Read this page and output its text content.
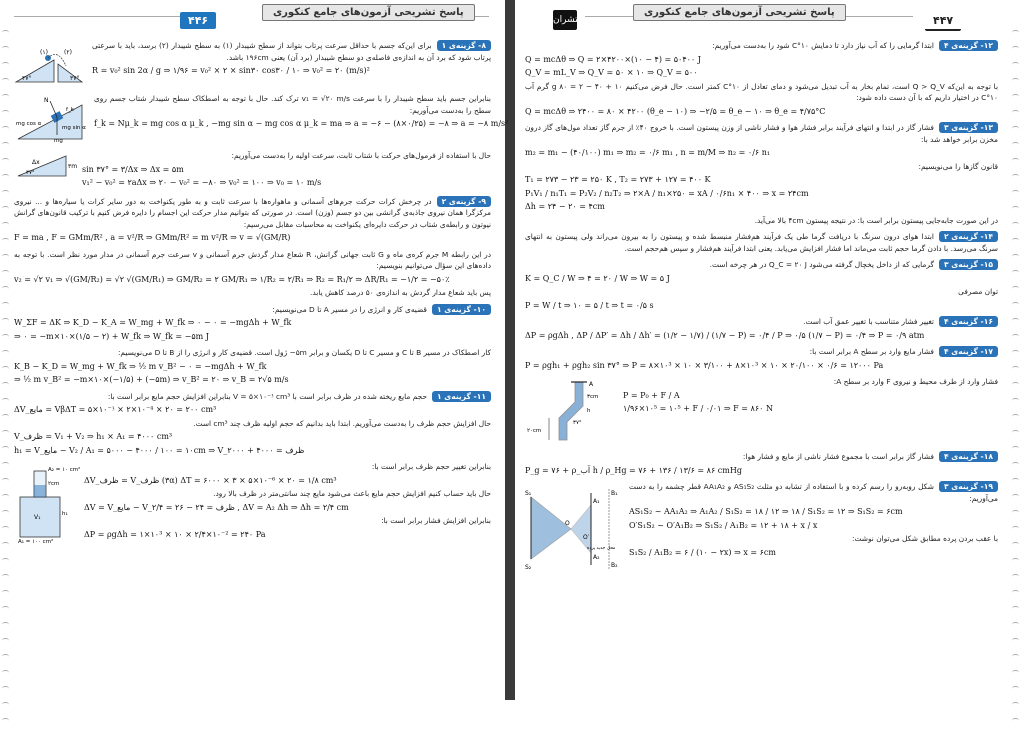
۴۴۶
پاسخ تشریحی آزمون‌های جامع کنکوری
۳۷°	۳۷°
(۱)	(۲)
۸- گزینه‌ی ۱برای این‌که جسم با حداقل سرعت پرتاب بتواند از سطح شیبدار (۱) به سطح شیبدار (۲) برسد، باید با سرعتی پرتاب شود که برد آن به اندازه‌ی فاصله‌ی دو سطح شیبدار (برد آن) یعنی ۱۹۶cm باشد.
R = v₀² sin 2α / g ⇒ ۱/۹۶ = v₀² × ۲ × sin۳۰ cos۳۰ / ۱۰ ⇒ v₀² = ۲۰ (m/s)²
N
f_k
mg cos α
mg sin α
mg
بنابراین جسم باید سطح شیبدار را با سرعت v₁ = √۲۰ m/s ترک کند. حال با توجه به اصطکاک سطح شیبدار شتاب جسم روی سطح را به‌دست می‌آوریم:
f_k = Nμ_k = mg cos α μ_k , −mg sin α − mg cos α μ_k = ma ⇒ a = −۶ − (۸×۰/۲۵) = −۸ ⇒ a = −۸ m/s²
Δx
۳m
۳۷°
حال با استفاده از فرمول‌های حرکت با شتاب ثابت، سرعت اولیه را به‌دست می‌آوریم:
sin ۳۷° = ۳/Δx ⇒ Δx = ۵m
v₁² − v₀² = ۲aΔx ⇒ ۲۰ − v₀² = −۸۰ ⇒ v₀² = ۱۰۰ ⇒ v₀ = ۱۰ m/s
۹- گزینه‌ی ۲در چرخش کرات حرکت جرم‌های آسمانی و ماهواره‌ها با سرعت ثابت و به طور یکنواخت به دور سایر کرات یا سیاره‌ها و ... نیروی مرکزگرا همان نیروی جاذبه‌ی گرانشی بین دو جسم (وزن) است. در صورتی که بتوانیم مدار حرکت این اجسام را دایره فرض کنیم با ترکیب قانون‌های گرانش نیوتون و رابطه‌ی شتاب در حرکت دایره‌ای یکنواخت به محاسبات مقابل می‌رسیم:
F = ma , F = GMm/R² , a = v²/R ⇒ GMm/R² = m v²/R ⇒ v = √(GM/R)
در این رابطه M جرم کره‌ی ماه و G ثابت جهانی گرانش، R شعاع مدار گردش جرم آسمانی و v سرعت جرم آسمانی در مدار مورد نظر است. با توجه به داده‌های این سؤال می‌توانیم بنویسیم:
v₂ = √۲ v₁ ⇒ √(GM/R₂) = √۲ √(GM/R₁) ⇒ GM/R₂ = ۲ GM/R₁ ⇒ ۱/R₂ = ۲/R₁ ⇒ R₂ = R₁/۲ ⇒ ΔR/R₁ = −۱/۲ = −۵۰٪
پس باید شعاع مدار گردش به اندازه‌ی ۵۰ درصد کاهش یابد.
۱۰- گزینه‌ی ۱قضیه‌ی کار و انرژی را در مسیر A تا D می‌نویسیم:
W_ΣF = ΔK ⇒ K_D − K_A = W_mg + W_fk ⇒ ۰ − ۰ = −mgΔh + W_fk
⇒ ۰ = −m×۱۰×(۱/۵ − ۲) + W_fk ⇒ W_fk = −۵m J
کار اصطکاک در مسیر B تا C و مسیر C تا D یکسان و برابر ۵m− ژول است. قضیه‌ی کار و انرژی را از B تا D می‌نویسیم:
K_B − K_D = W_mg + W_fk ⇒ ½ m v_B² − ۰ = −mgΔh + W_fk
⇒ ½ m v_B² = −m×۱۰×(−۱/۵) + (−۵m) ⇒ v_B² = ۲۰ ⇒ v_B = ۲√۵ m/s
۱۱- گزینه‌ی ۱حجم مایع ریخته شده در ظرف برابر است با V = ۵×۱۰⁻⁳ cm³ بنابراین افزایش حجم مایع برابر است با:
ΔV_مایع = VβΔT = ۵×۱۰⁻⁳ × ۲×۱۰⁻⁴ × ۲۰ = ۲۰۰ cm³
حال افزایش حجم ظرف را به‌دست می‌آوریم. ابتدا باید بدانیم که حجم اولیه ظرف چند cm³ است.
V_ظرف = V₁ + V₂ ⇒ h₁ × A₁ = ۴۰۰۰ cm³
h₁ = V_مایع − V₂ / A₁ = ۵۰۰۰ − ۴۰۰۰ / ۱۰۰ = ۱۰cm ⇒ V_ظرف = ۴۰۰۰ + ۲۰۰۰
A₂ = ۱۰ cm²
۲cm
h₁
V₁
A₁ = ۱۰۰ cm²
بنابراین تغییر حجم ظرف برابر است با:
ΔV_ظرف = V_ظرف (۳α) ΔT = ۶۰۰۰ × ۳ × ۵×۱۰⁻⁶ × ۲۰ = ۱/۸ cm³
حال باید حساب کنیم افزایش حجم مایع باعث می‌شود مایع چند سانتی‌متر در ظرف بالا رود.
ΔV = V_مایع − V_ظرف = ۲۴ − ۲۶ = ۲/۴ , ΔV = A₂ Δh ⇒ Δh = ۲/۴ cm
بنابراین افزایش فشار برابر است با:
ΔP = ρgΔh = ۱×۱۰³ × ۱۰ × ۲/۴×۱۰⁻² = ۲۴۰ Pa
منتشران
پاسخ تشریحی آزمون‌های جامع کنکوری
۴۴۷
۱۲- گزینه‌ی ۴ابتدا گرمایی را که آب نیاز دارد تا دمایش ۱۰°C شود را به‌دست می‌آوریم:
Q = mcΔθ ⇒ Q = ۲×۴۲۰۰×(۱۰ − ۴) = ۵۰۴۰۰ J
Q_V = mL_V ⇒ Q_V = ۵۰ × ۱۰ ⇒ Q_V = ۵۰۰
با توجه به این‌که Q > Q_V است، تمام بخار به آب تبدیل می‌شود و دمای تعادل از ۱۰°C کمتر است. حال فرض می‌کنیم g ۸۰ = ۲ − ۴۰ + ۱۰ گرم آب ۱۰°C در اختیار داریم که با آن دست داده شود:
Q = mcΔθ ⇒ ۲۴۰۰ = ۸۰ × ۴۲۰۰ (θ_e − ۱۰) ⇒ −۲/۵ = θ_e − ۱۰ ⇒ θ_e = ۴/۷۵°C
۱۳- گزینه‌ی ۳فشار گاز در ابتدا و انتهای فرآیند برابر فشار هوا و فشار ناشی از وزن پیستون است. با خروج ۴۰٪ از جرم گاز تعداد مول‌های گاز درون مخزن برابر خواهد شد با:
m₂ = m₁ − (۴۰/۱۰۰) m₁ ⇒ m₂ = ۰/۶ m₁ , n = m/M ⇒ n₂ = ۰/۶ n₁
قانون گازها را می‌نویسیم:
T₁ = ۲۷۳ − ۲۳ = ۲۵۰ K , T₂ = ۲۷۳ + ۱۲۷ = ۴۰۰ K
P₁V₁ / n₁T₁ = P₂V₂ / n₂T₂ ⇒ ۲×A / n₁×۲۵۰ = xA / ۰/۶n₁ × ۴۰۰ ⇒ x = ۲۴cm
Δh = ۲۴ − ۲۰ = ۴cm
در این صورت جابه‌جایی پیستون برابر است با: در نتیجه پیستون ۴cm بالا می‌آید.
۱۴- گزینه‌ی ۲ابتدا هوای درون سرنگ با دریافت گرما طی یک فرآیند هم‌فشار منبسط شده و پیستون را به بیرون می‌راند ولی پیستون به انتهای سرنگ می‌رسد. با دادن گرما حجم ثابت می‌ماند اما فشار افزایش می‌یابد. یعنی ابتدا فرآیند هم‌فشار و سپس هم‌حجم است.
۱۵- گزینه‌ی ۳گرمایی که از داخل یخچال گرفته می‌شود Q_C = ۲۰ J در هر چرخه است.
K = Q_C / W ⇒ ۴ = ۲۰ / W ⇒ W = ۵ J
توان مصرفی
P = W / t ⇒ ۱۰ = ۵ / t ⇒ t = ۰/۵ s
۱۶- گزینه‌ی ۴تغییر فشار متناسب با تغییر عمق آب است.
ΔP = ρgΔh , ΔP / ΔP′ = Δh / Δh′ = (۱/۲ − ۱/۷) / (۱/۷ − P) = ۰/۴ / P ⇒ ۰/۵ (۱/۷ − P) = ۰/۴ ⇒ P = ۰/۹ atm
۱۷- گزینه‌ی ۴فشار مایع وارد بر سطح A برابر است با:
P = ρgh₁ + ρgh₂ sin ۳۷° ⇒ P = ۸×۱۰³ × ۱۰ × ۳/۱۰۰ + ۸×۱۰³ × ۱۰ × ۲۰/۱۰۰ × ۰/۶ = ۱۲۰۰۰ Pa
A
۲۰cm
۳cm
h
۳۷°
فشار وارد از طرف محیط و نیروی F وارد بر سطح A:
P = P₀ + F / A
۱/۹۶×۱۰⁵ = ۱۰⁵ + F / ۰/۰۱ ⇒ F = ۸۶۰ N
۱۸- گزینه‌ی ۴فشار گاز برابر است با مجموع فشار ناشی از مایع و فشار هوا:
P_g = ۷۶ + ρ_آب h / ρ_Hg = ۷۶ + ۱۳۶ / ۱۳/۶ = ۸۶ cmHg
S₁
S₂
A₁
A₂
B₁
B₂
O
O′
محل جدید پرده
۱۹- گزینه‌ی ۳شکل روبه‌رو را رسم کرده و با استفاده از تشابه دو مثلث AS₁S₂ و AA₁A₂ قطر چشمه را به دست می‌آوریم:
AS₁S₂ ~ AA₁A₂ ⇒ A₁A₂ / S₁S₂ = ۱۸ / ۱۲ ⇒ ۱۸ / S₁S₂ = ۱۲ ⇒ S₁S₂ = ۶cm
O′S₁S₂ ~ O′A₁B₂ ⇒ S₁S₂ / A₁B₂ = ۱۲ + ۱۸ + x / x
با عقب بردن پرده مطابق شکل می‌توان نوشت:
S₁S₂ / A₁B₂ = ۶ / (۱۰ − ۲x) ⇒ x = ۶cm
